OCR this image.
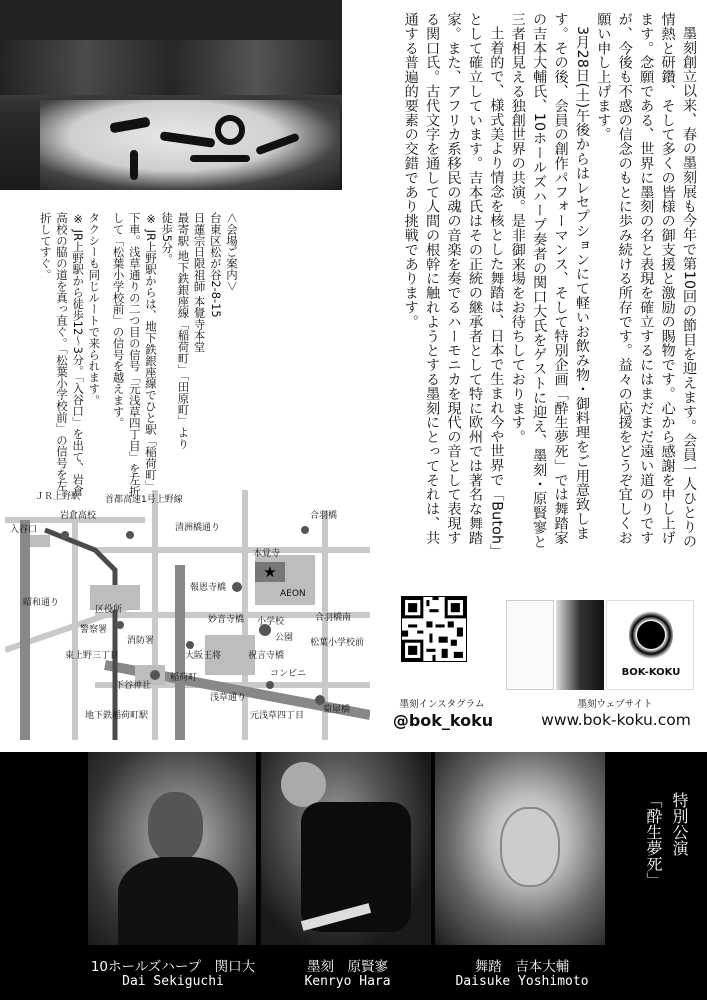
墨刻創立以来、春の墨刻展も今年で第10回の節目を迎えます。会員一人ひとりの情熱と研鑽、そして多くの皆様の御支援と激励の賜物です。心から感謝を申し上げます。念願である、世界に墨刻の名と表現を確立するにはまだまだ遠い道のりですが、今後も不惑の信念のもとに歩み続ける所存です。益々の応援をどうぞ宜しくお願い申し上げます。

3月28日(土)午後からはレセプションにて軽いお飲み物・御料理をご用意致します。その後、会員の創作パフォーマンス、そして特別企画「酔生夢死」では舞踏家の吉本大輔氏、10ホールズハープ奏者の関口大氏をゲストに迎え、墨刻・原賢寥と三者相見える独創世界の共演。是非御来場をお待ちしております。

土着的で、様式美より情念を核とした舞踏は、日本で生まれ今や世界で「Butoh」として確立しています。吉本氏はその正統の継承者として特に欧州では著名な舞踏家。また、アフリカ系移民の魂の音楽を奏でるハーモニカを現代の音として表現する関口氏。古代文字を通して人間の根幹に触れようとする墨刻にとってそれは、共通する普遍的要素の交錯であり挑戦であります。

＜会場ご案内＞
台東区松が谷2-8-15
日蓮宗日限祖師 本覺寺本堂
最寄駅 地下鉄銀座線「稲荷町」「田原町」より
徒歩5分。
※ JR上野駅からは、地下鉄銀座線でひと駅「稲荷町」下車。浅草通りの二つ目の信号「元浅草四丁目」を左折して「松葉小学校前」の信号を越えます。
タクシーも同じルートで来られます。
※ JR上野駅から徒歩12〜3分。「入谷口」を出て、岩倉高校の脇の道を真っ直ぐ。「松葉小学校前」の信号を左折してすぐ。
★
ＪＲ上野駅
入谷口
岩倉高校
首都高速1号上野線
清洲橋通り
本覚寺
合羽橋
報恩寺橋
AEON
合羽橋南
区役所
警察署
消防署
妙音寺橋 小学校
公園
祝言寺橋
松葉小学校前
昭和通り
東上野三丁目
下谷神社
大阪王将
稲荷町	コンビニ
浅草通り
元浅草四丁目
菊屋橋
地下鉄稲荷町駅
墨刻インスタグラム
@bok_koku
BOK-KOKU
墨刻ウェブサイト
www.bok-koku.com
特別公演
「酔生夢死」
10ホールズハープ　関口大
Dai Sekiguchi
墨刻　原賢寥
Kenryo Hara
舞踏　吉本大輔
Daisuke Yoshimoto
